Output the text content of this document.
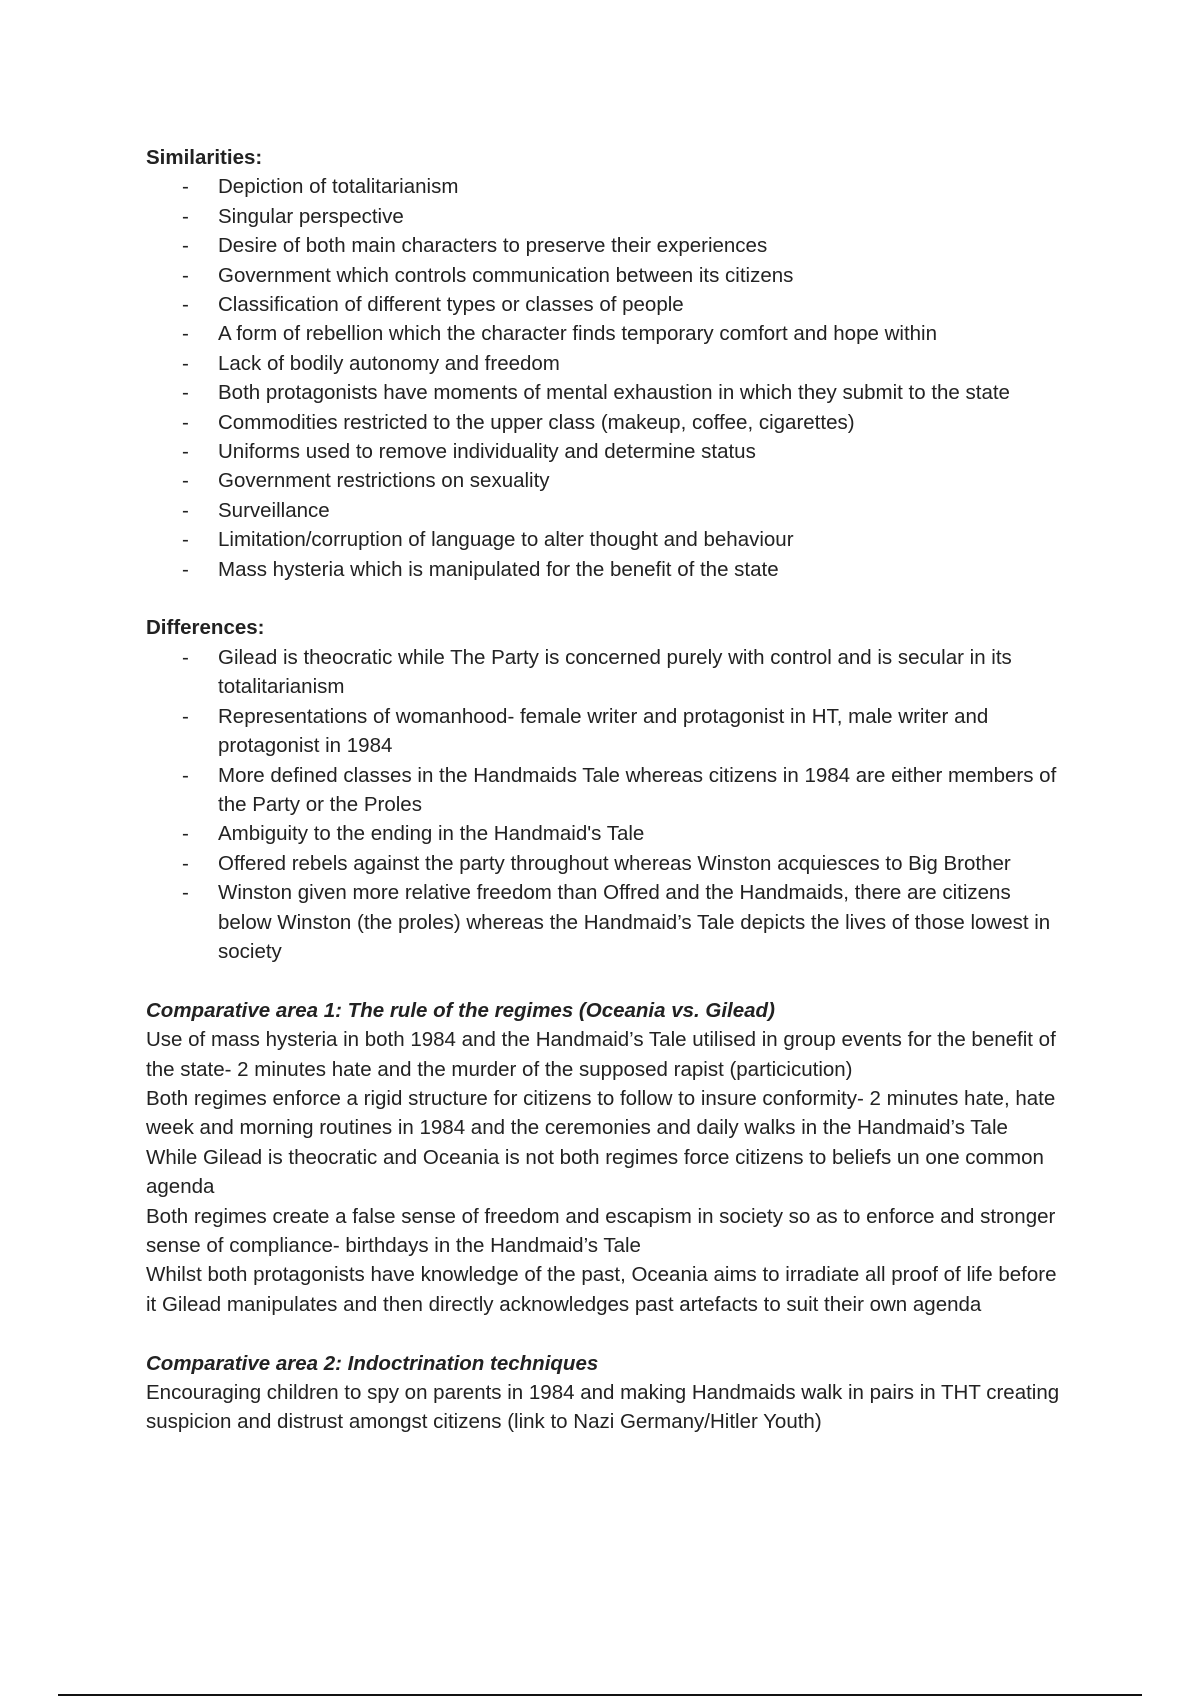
Similarities:
- Depiction of totalitarianism
- Singular perspective
- Desire of both main characters to preserve their experiences
- Government which controls communication between its citizens
- Classification of different types or classes of people
- A form of rebellion which the character finds temporary comfort and hope within
- Lack of bodily autonomy and freedom
- Both protagonists have moments of mental exhaustion in which they submit to the state
- Commodities restricted to the upper class (makeup, coffee, cigarettes)
- Uniforms used to remove individuality and determine status
- Government restrictions on sexuality
- Surveillance
- Limitation/corruption of language to alter thought and behaviour
- Mass hysteria which is manipulated for the benefit of the state
Differences:
- Gilead is theocratic while The Party is concerned purely with control and is secular in its totalitarianism
- Representations of womanhood- female writer and protagonist in HT, male writer and protagonist in 1984
- More defined classes in the Handmaids Tale whereas citizens in 1984 are either members of the Party or the Proles
- Ambiguity to the ending in the Handmaid's Tale
- Offered rebels against the party throughout whereas Winston acquiesces to Big Brother
- Winston given more relative freedom than Offred and the Handmaids, there are citizens below Winston (the proles) whereas the Handmaid’s Tale depicts the lives of those lowest in society
Comparative area 1: The rule of the regimes (Oceania vs. Gilead)

Use of mass hysteria in both 1984 and the Handmaid’s Tale utilised in group events for the benefit of the state- 2 minutes hate and the murder of the supposed rapist (particicution)

Both regimes enforce a rigid structure for citizens to follow to insure conformity- 2 minutes hate, hate week and morning routines in 1984 and the ceremonies and daily walks in the Handmaid’s Tale

While Gilead is theocratic and Oceania is not both regimes force citizens to beliefs un one common agenda

Both regimes create a false sense of freedom and escapism in society so as to enforce and stronger sense of compliance- birthdays in the Handmaid’s Tale

Whilst both protagonists have knowledge of the past, Oceania aims to irradiate all proof of life before it Gilead manipulates and then directly acknowledges past artefacts to suit their own agenda

Comparative area 2: Indoctrination techniques

Encouraging children to spy on parents in 1984 and making Handmaids walk in pairs in THT creating suspicion and distrust amongst citizens (link to Nazi Germany/Hitler Youth)
